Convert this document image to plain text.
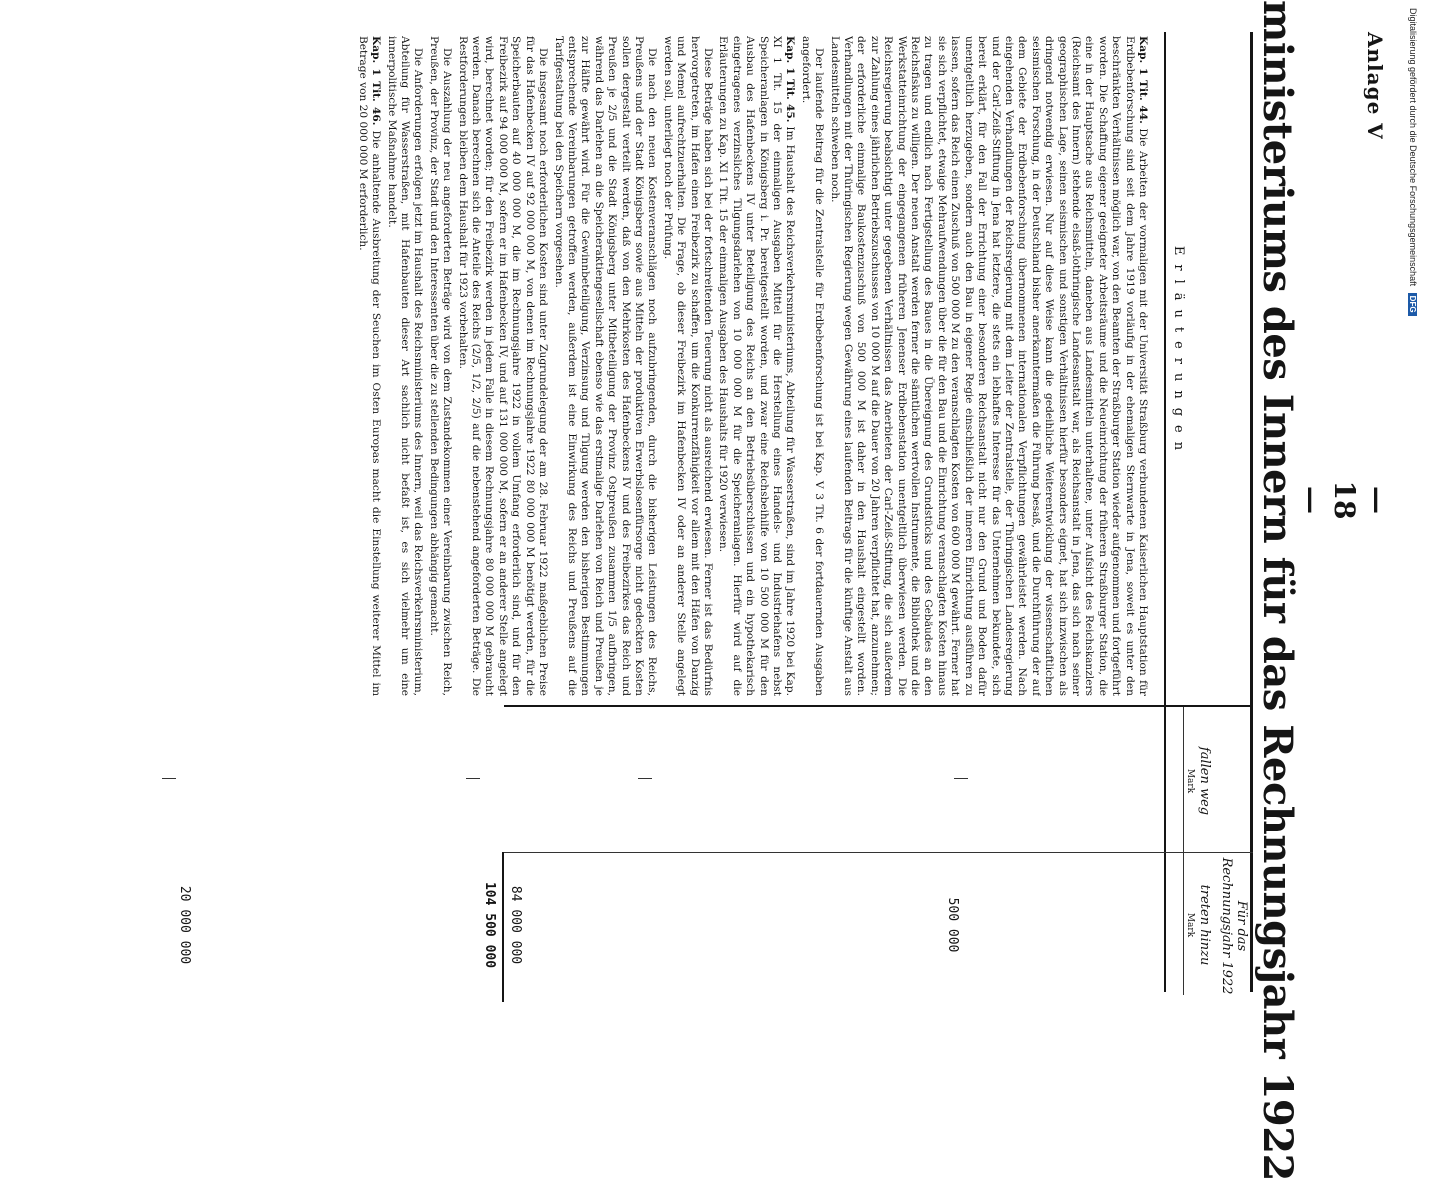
Anlage V
— 18 —
ministeriums des Innern für das Rechnungsjahr 1922
Für das Rechnungsjahr 1922
treten hinzu
Mark
fallen weg
Mark
Erläuterungen
500 000
84 000 000
20 000 000	104 500 000

Kap. 1 Tit. 44. Die Arbeiten der vormaligen mit der Universität Straßburg verbundenen Kaiserlichen Hauptstation für Erdbebenforschung sind seit dem Jahre 1919 vorläufig in der ehemaligen Sternwarte in Jena, soweit es unter den beschränkten Verhältnissen möglich war, von den Beamten der Straßburger Station wieder aufgenommen und fortgeführt worden. Die Schaffung eigener geeigneter Arbeitsräume und die Neueinrichtung der früheren Straßburger Station, die eine in der Hauptsache aus Reichsmitteln, daneben aus Landesmitteln unterhaltene, unter Aufsicht des Reichskanzlers (Reichsamt des Innern) stehende elsaß-lothringische Landesanstalt war, als Reichsanstalt in Jena, das sich nach seiner geographischen Lage, seinen seismischen und sonstigen Verhältnissen hierfür besonders eignet, hat sich inzwischen als dringend notwendig erwiesen. Nur auf diese Weise kann die gedeihliche Weiterentwicklung der wissenschaftlichen seismischen Forschung, in der Deutschland bisher anerkanntermaßen die Führung besaß, und die Durchführung der auf dem Gebiete der Erdbebenforschung übernommenen internationalen Verpflichtungen gewährleistet werden. Nach eingehenden Verhandlungen der Reichsregierung mit dem Leiter der Zentralstelle, der Thüringischen Landesregierung und der Carl-Zeiß-Stiftung in Jena hat letztere, die stets ein lebhaftes Interesse für das Unternehmen bekundete, sich bereit erklärt, für den Fall der Errichtung einer besonderen Reichsanstalt nicht nur den Grund und Boden dafür unentgeltlich herzugeben, sondern auch den Bau in eigener Regie einschließlich der inneren Einrichtung ausführen zu lassen, sofern das Reich einen Zuschuß von 500 000 M zu den veranschlagten Kosten von 600 000 M gewährt. Ferner hat sie sich verpflichtet, etwaige Mehraufwendungen über die für den Bau und die Einrichtung veranschlagten Kosten hinaus zu tragen und endlich nach Fertigstellung des Baues in die Übereignung des Grundstücks und des Gebäudes an den Reichsfiskus zu willigen. Der neuen Anstalt werden ferner die sämtlichen wertvollen Instrumente, die Bibliothek und die Werkstatteinrichtung der eingegangenen früheren Jenenser Erdbebenstation unentgeltlich überwiesen werden. Die Reichsregierung beabsichtigt unter gegebenen Verhältnissen das Anerbieten der Carl-Zeiß-Stiftung, die sich außerdem zur Zahlung eines jährlichen Betriebszuschusses von 10 000 M auf die Dauer von 20 Jahren verpflichtet hat, anzunehmen; der erforderliche einmalige Baukostenzuschuß von 500 000 M ist daher in den Haushalt eingestellt worden. Verhandlungen mit der Thüringischen Regierung wegen Gewährung eines laufenden Beitrags für die künftige Anstalt aus Landesmitteln schweben noch.

Der laufende Beitrag für die Zentralstelle für Erdbebenforschung ist bei Kap. V 3 Tit. 6 der fortdauernden Ausgaben angefordert.

Kap. 1 Tit. 45. Im Haushalt des Reichsverkehrsministeriums, Abteilung für Wasserstraßen, sind im Jahre 1920 bei Kap. XI 1 Tit. 15 der einmaligen Ausgaben Mittel für die Herstellung eines Handels- und Industriehafens nebst Speicheranlagen in Königsberg i. Pr. bereitgestellt worden, und zwar eine Reichsbeihilfe von 10 500 000 M für den Ausbau des Hafenbeckens IV unter Beteiligung des Reichs an den Betriebsüberschüssen und ein hypothekarisch eingetragenes verzinsliches Tilgungsdarlehen von 10 000 000 M für die Speicheranlagen. Hierfür wird auf die Erläuterungen zu Kap. XI 1 Tit. 15 der einmaligen Ausgaben des Haushalts für 1920 verwiesen.

Diese Beträge haben sich bei der fortschreitenden Teuerung nicht als ausreichend erwiesen. Ferner ist das Bedürfnis hervorgetreten, im Hafen einen Freibezirk zu schaffen, um die Konkurrenzfähigkeit vor allem mit den Häfen von Danzig und Memel aufrechtzuerhalten. Die Frage, ob dieser Freibezirk im Hafenbecken IV oder an anderer Stelle angelegt werden soll, unterliegt noch der Prüfung.

Die nach den neuen Kostenveranschlägen noch aufzubringenden, durch die bisherigen Leistungen des Reichs, Preußens und der Stadt Königsberg sowie aus Mitteln der produktiven Erwerbslosenfürsorge nicht gedeckten Kosten sollen dergestalt verteilt werden, daß von den Mehrkosten des Hafenbeckens IV und des Freibezirkes das Reich und Preußen je 2/5 und die Stadt Königsberg unter Mitbeteiligung der Provinz Ostpreußen zusammen 1/5 aufbringen, während das Darlehen an die Speicheraktiengesellschaft ebenso wie das erstmalige Darlehen von Reich und Preußen je zur Hälfte gewährt wird. Für die Gewinnbeteiligung, Verzinsung und Tilgung werden den bisherigen Bestimmungen entsprechende Vereinbarungen getroffen werden, außerdem ist eine Einwirkung des Reichs und Preußens auf die Tarifgestaltung bei den Speichern vorgesehen.

Die insgesamt noch erforderlichen Kosten sind unter Zugrundelegung der am 28. Februar 1922 maßgeblichen Preise für das Hafenbecken IV auf 92 000 000 M, von denen im Rechnungsjahre 1922 80 000 000 M benötigt werden, für die Speicherbauten auf 40 000 000 M, die im Rechnungsjahre 1922 in vollem Umfang erforderlich sind, und für den Freibezirk auf 94 000 000 M, sofern er im Hafenbecken IV, und auf 131 000 000 M, sofern er an anderer Stelle angelegt wird, berechnet worden; für den Freibezirk werden in jedem Falle in diesem Rechnungsjahre 80 000 000 M gebraucht werden. Danach berechnen sich die Anteile des Reichs (2/5, 1/2, 2/5) auf die nebenstehend angeforderten Beträge. Die Restforderungen bleiben dem Haushalt für 1923 vorbehalten.

Die Auszahlung der neu angeforderten Beträge wird von dem Zustandekommen einer Vereinbarung zwischen Reich, Preußen, der Provinz, der Stadt und den Interessenten über die zu stellenden Bedingungen abhängig gemacht.

Die Anforderungen erfolgen jetzt im Haushalt des Reichsministeriums des Innern, weil das Reichsverkehrsministerium, Abteilung für Wasserstraßen, mit Hafenbauten dieser Art sachlich nicht befaßt ist, es sich vielmehr um eine innerpolitische Maßnahme handelt.

Kap. 1 Tit. 46. Die anhaltende Ausbreitung der Seuchen im Osten Europas macht die Einstellung weiterer Mittel im Betrage von 20 000 000 M erforderlich.	Digitalisierung gefördert durch die Deutsche Forschungsgemeinschaft DFG
